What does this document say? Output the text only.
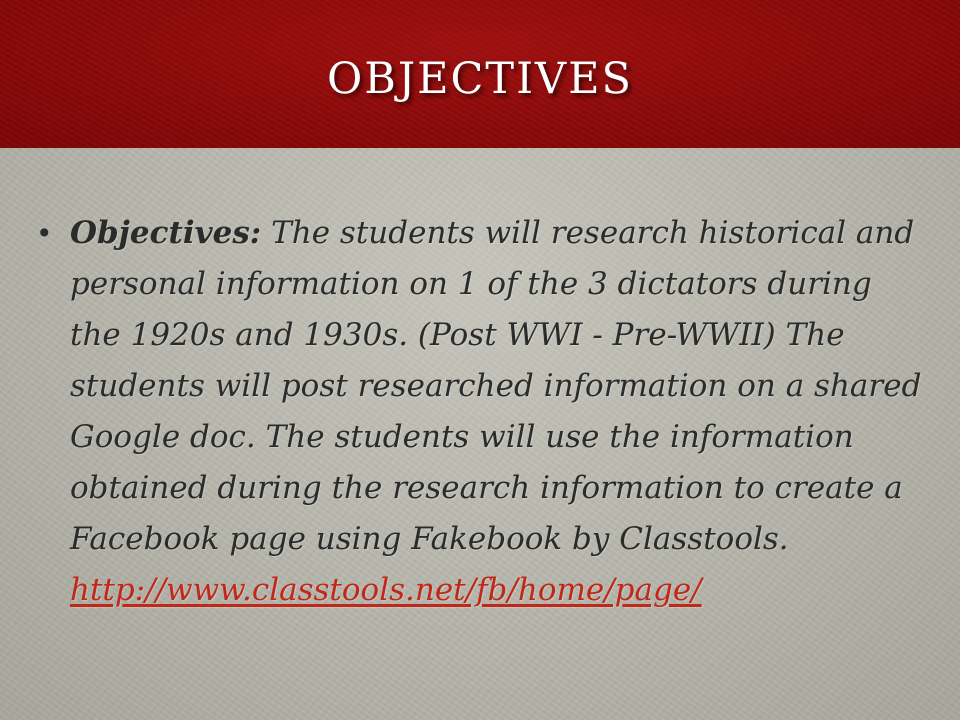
objectives
• Objectives: The students will research historical and personal information on 1 of the 3 dictators during the 1920s and 1930s. (Post WWI - Pre-WWII) The students will post researched information on a shared Google doc. The students will use the information obtained during the research information to create a Facebook page using Fakebook by Classtools. http://www.classtools.net/fb/home/page/
